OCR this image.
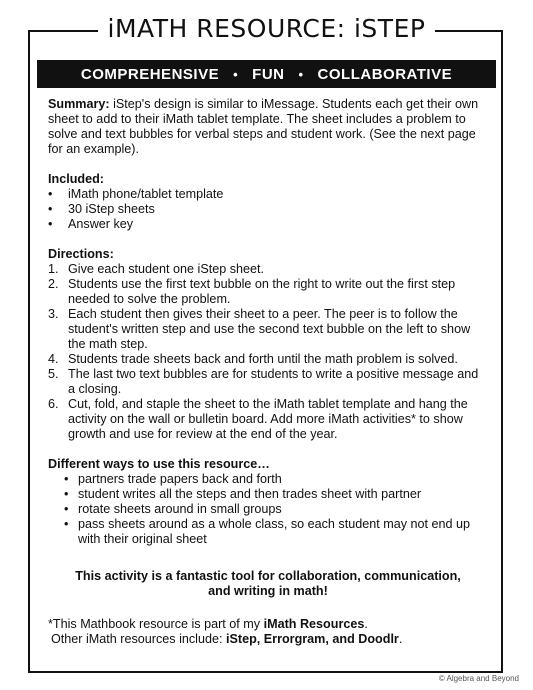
iMATH RESOURCE: iSTEP
COMPREHENSIVE • FUN • COLLABORATIVE

Summary: iStep's design is similar to iMessage. Students each get their own sheet to add to their iMath tablet template. The sheet includes a problem to solve and text bubbles for verbal steps and student work. (See the next page for an example).

Included:

•	iMath phone/tablet template
•	30 iStep sheets
•	Answer key

Directions:

1. Give each student one iStep sheet.
2. Students use the first text bubble on the right to write out the first step needed to solve the problem.
3. Each student then gives their sheet to a peer. The peer is to follow the student's written step and use the second text bubble on the left to show the math step.
4. Students trade sheets back and forth until the math problem is solved.
5. The last two text bubbles are for students to write a positive message and a closing.
6. Cut, fold, and staple the sheet to the iMath tablet template and hang the activity on the wall or bulletin board. Add more iMath activities* to show growth and use for review at the end of the year.

Different ways to use this resource…

• partners trade papers back and forth
• student writes all the steps and then trades sheet with partner
• rotate sheets around in small groups
• pass sheets around as a whole class, so each student may not end up with their original sheet

This activity is a fantastic tool for collaboration, communication,

and writing in math!

*This Mathbook resource is part of my iMath Resources.

Other iMath resources include: iStep, Errorgram, and Doodlr.

© Algebra and Beyond
